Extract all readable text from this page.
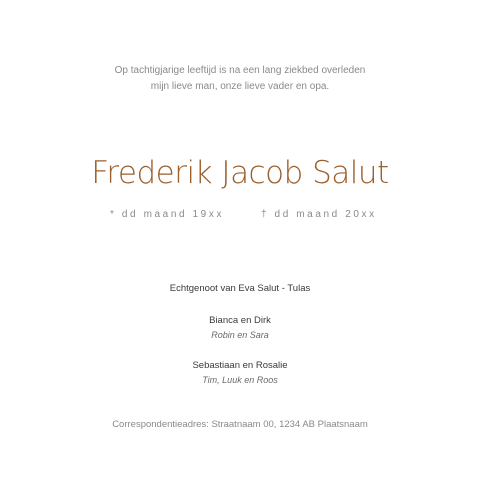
Op tachtigjarige leeftijd is na een lang ziekbed overleden
mijn lieve man, onze lieve vader en opa.
Frederik Jacob Salut
* dd maand 19xx	† dd maand 20xx
Echtgenoot van Eva Salut - Tulas
Bianca en Dirk
Robin en Sara
Sebastiaan en Rosalie
Tim, Luuk en Roos
Correspondentieadres: Straatnaam 00, 1234 AB Plaatsnaam
